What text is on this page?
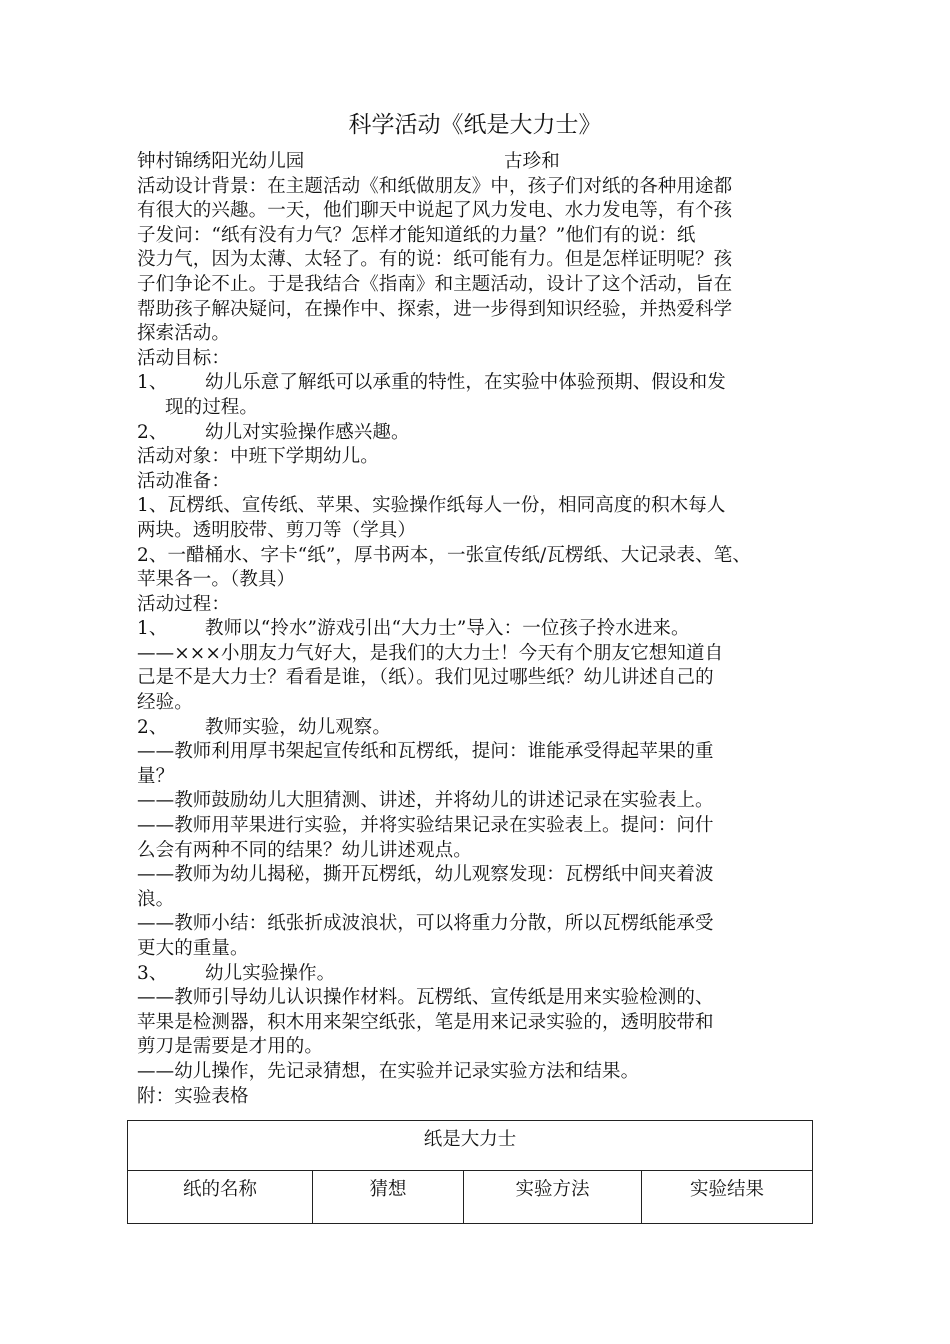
科学活动《纸是大力士》
钟村锦绣阳光幼儿园	古珍和
活动设计背景：在主题活动《和纸做朋友》中，孩子们对纸的各种用途都
有很大的兴趣。一天，他们聊天中说起了风力发电、水力发电等，有个孩
子发问：“纸有没有力气？怎样才能知道纸的力量？”他们有的说：纸
没力气，因为太薄、太轻了。有的说：纸可能有力。但是怎样证明呢？孩
子们争论不止。于是我结合《指南》和主题活动，设计了这个活动，旨在
帮助孩子解决疑问，在操作中、探索，进一步得到知识经验，并热爱科学
探索活动。
活动目标：
1、 幼儿乐意了解纸可以承重的特性，在实验中体验预期、假设和发
现的过程。
2、 幼儿对实验操作感兴趣。
活动对象：中班下学期幼儿。
活动准备：
1、瓦楞纸、宣传纸、苹果、实验操作纸每人一份，相同高度的积木每人
两块。透明胶带、剪刀等（学具）
2、一醋桶水、字卡“纸”，厚书两本，一张宣传纸/瓦楞纸、大记录表、笔、
苹果各一。（教具）
活动过程：
1、 教师以“拎水”游戏引出“大力士”导入：一位孩子拎水进来。
——×××小朋友力气好大，是我们的大力士！今天有个朋友它想知道自
己是不是大力士？看看是谁，（纸）。我们见过哪些纸？幼儿讲述自己的
经验。
2、 教师实验，幼儿观察。
——教师利用厚书架起宣传纸和瓦楞纸，提问：谁能承受得起苹果的重
量？
——教师鼓励幼儿大胆猜测、讲述，并将幼儿的讲述记录在实验表上。
——教师用苹果进行实验，并将实验结果记录在实验表上。提问：问什
么会有两种不同的结果？幼儿讲述观点。
——教师为幼儿揭秘，撕开瓦楞纸，幼儿观察发现：瓦楞纸中间夹着波
浪。
——教师小结：纸张折成波浪状，可以将重力分散，所以瓦楞纸能承受
更大的重量。
3、 幼儿实验操作。
——教师引导幼儿认识操作材料。瓦楞纸、宣传纸是用来实验检测的、
苹果是检测器，积木用来架空纸张，笔是用来记录实验的，透明胶带和
剪刀是需要是才用的。
——幼儿操作，先记录猜想，在实验并记录实验方法和结果。
附：实验表格
纸是大力士
纸的名称	猜想	实验方法	实验结果
